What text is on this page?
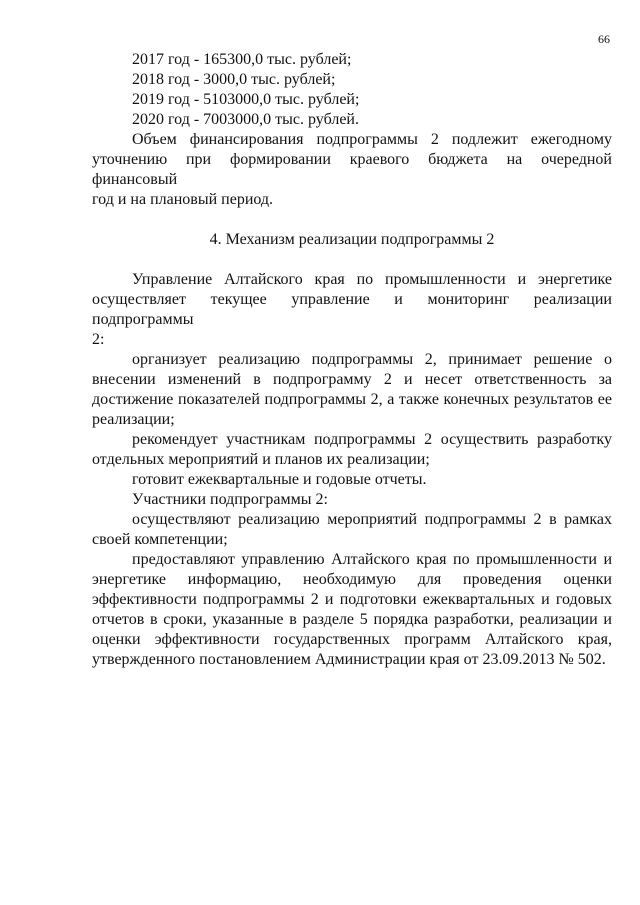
66
2017 год - 165300,0 тыс. рублей;
2018 год - 3000,0 тыс. рублей;
2019 год - 5103000,0 тыс. рублей;
2020 год - 7003000,0 тыс. рублей.
Объем финансирования подпрограммы 2 подлежит ежегодному
уточнению при формировании краевого бюджета на очередной финансовый
год и на плановый период.
4. Механизм реализации подпрограммы 2
Управление Алтайского края по промышленности и энергетике
осуществляет текущее управление и мониторинг реализации подпрограммы
2:
организует реализацию подпрограммы 2, принимает решение о
внесении изменений в подпрограмму 2 и несет ответственность за
достижение показателей подпрограммы 2, а также конечных результатов ее
реализации;
рекомендует участникам подпрограммы 2 осуществить разработку
отдельных мероприятий и планов их реализации;
готовит ежеквартальные и годовые отчеты.
Участники подпрограммы 2:
осуществляют реализацию мероприятий подпрограммы 2 в рамках
своей компетенции;
предоставляют управлению Алтайского края по промышленности и
энергетике информацию, необходимую для проведения оценки
эффективности подпрограммы 2 и подготовки ежеквартальных и годовых
отчетов в сроки, указанные в разделе 5 порядка разработки, реализации и
оценки эффективности государственных программ Алтайского края,
утвержденного постановлением Администрации края от 23.09.2013 № 502.
